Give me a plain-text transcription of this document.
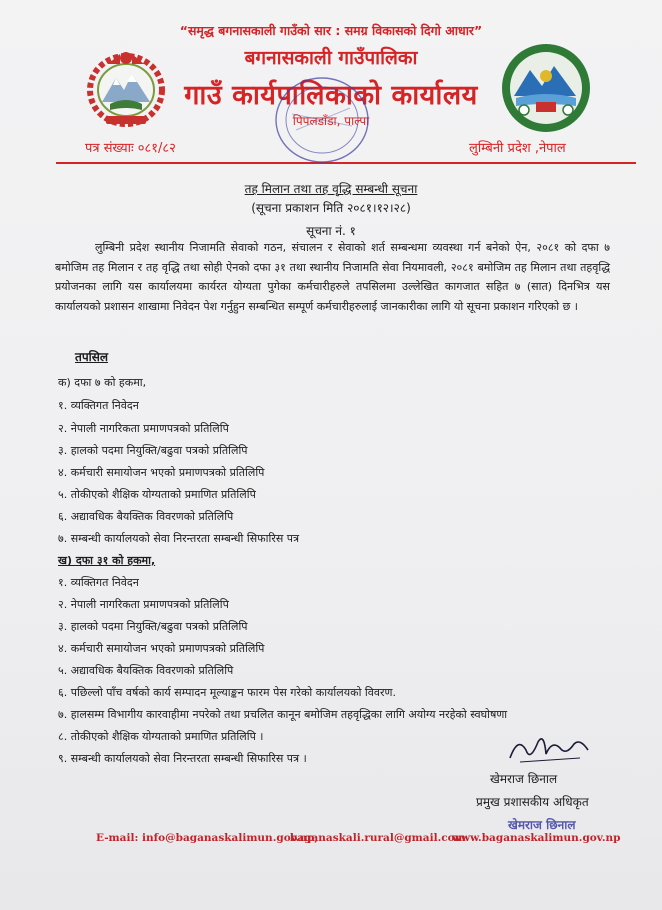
“समृद्ध बगनासकाली गाउँको सार : समग्र विकासको दिगो आधार”
बगनासकाली गाउँपालिका
गाउँ कार्यपालिकाको कार्यालय
पिपलडाँडा, पाल्पा
पत्र संख्याः ०८१/८२	लुम्बिनी प्रदेश ,नेपाल
तह मिलान तथा तह वृद्धि सम्बन्धी सूचना
(सूचना प्रकाशन मिति २०८१।१२।२८)
सूचना नं. १
लुम्बिनी प्रदेश स्थानीय निजामति सेवाको गठन, संचालन र सेवाको शर्त सम्बन्धमा व्यवस्था गर्न बनेको ऐन, २०८१ को दफा ७ बमोजिम तह मिलान र तह वृद्धि तथा सोही ऐनको दफा ३१ तथा स्थानीय निजामति सेवा नियमावली, २०८१ बमोजिम तह मिलान तथा तहवृद्धि प्रयोजनका लागि यस कार्यालयमा कार्यरत योग्यता पुगेका कर्मचारीहरुले तपसिलमा उल्लेखित कागजात सहित ७ (सात) दिनभित्र यस कार्यालयको प्रशासन शाखामा निवेदन पेश गर्नुहुन सम्बन्धित सम्पूर्ण कर्मचारीहरुलाई जानकारीका लागि यो सूचना प्रकाशन गरिएको छ ।
तपसिल
क) दफा ७ को हकमा,
१. व्यक्तिगत निवेदन
२. नेपाली नागरिकता प्रमाणपत्रको प्रतिलिपि
३. हालको पदमा नियुक्ति/बढुवा पत्रको प्रतिलिपि
४. कर्मचारी समायोजन भएको प्रमाणपत्रको प्रतिलिपि
५. तोकीएको शैक्षिक योग्यताको प्रमाणित प्रतिलिपि
६. अद्यावधिक बैयक्तिक विवरणको प्रतिलिपि
७. सम्बन्धी कार्यालयको सेवा निरन्तरता सम्बन्धी सिफारिस पत्र
ख) दफा ३१ को हकमा,
१. व्यक्तिगत निवेदन
२. नेपाली नागरिकता प्रमाणपत्रको प्रतिलिपि
३. हालको पदमा नियुक्ति/बढुवा पत्रको प्रतिलिपि
४. कर्मचारी समायोजन भएको प्रमाणपत्रको प्रतिलिपि
५. अद्यावधिक बैयक्तिक विवरणको प्रतिलिपि
६. पछिल्लो पाँच वर्षको कार्य सम्पादन मूल्याङ्कन फारम पेस गरेको कार्यालयको विवरण.
७. हालसम्म विभागीय कारवाहीमा नपरेको तथा प्रचलित कानून बमोजिम तहवृद्धिका लागि अयोग्य नरहेको स्वघोषणा
८. तोकीएको शैक्षिक योग्यताको प्रमाणित प्रतिलिपि ।
९. सम्बन्धी कार्यालयको सेवा निरन्तरता सम्बन्धी सिफारिस पत्र ।
खेमराज छिनाल
प्रमुख प्रशासकीय अधिकृत
खेमराज छिनाल
E-mail: info@baganaskalimun.gov.np,
baganaskali.rural@gmail.com
www.baganaskalimun.gov.np
